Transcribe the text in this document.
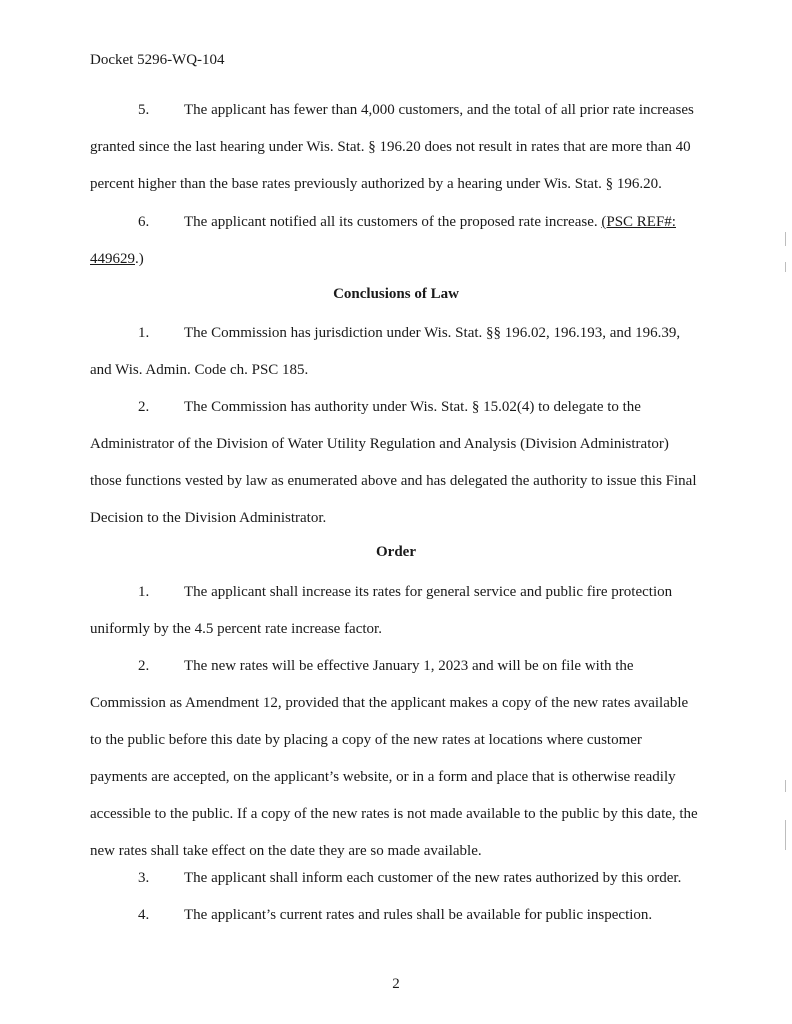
Docket 5296-WQ-104
5. The applicant has fewer than 4,000 customers, and the total of all prior rate increases granted since the last hearing under Wis. Stat. § 196.20 does not result in rates that are more than 40 percent higher than the base rates previously authorized by a hearing under Wis. Stat. § 196.20.
6. The applicant notified all its customers of the proposed rate increase. (PSC REF#: 449629.)
Conclusions of Law
1. The Commission has jurisdiction under Wis. Stat. §§ 196.02, 196.193, and 196.39, and Wis. Admin. Code ch. PSC 185.
2. The Commission has authority under Wis. Stat. § 15.02(4) to delegate to the Administrator of the Division of Water Utility Regulation and Analysis (Division Administrator) those functions vested by law as enumerated above and has delegated the authority to issue this Final Decision to the Division Administrator.
Order
1. The applicant shall increase its rates for general service and public fire protection uniformly by the 4.5 percent rate increase factor.
2. The new rates will be effective January 1, 2023 and will be on file with the Commission as Amendment 12, provided that the applicant makes a copy of the new rates available to the public before this date by placing a copy of the new rates at locations where customer payments are accepted, on the applicant’s website, or in a form and place that is otherwise readily accessible to the public. If a copy of the new rates is not made available to the public by this date, the new rates shall take effect on the date they are so made available.
3. The applicant shall inform each customer of the new rates authorized by this order.
4. The applicant’s current rates and rules shall be available for public inspection.
2
